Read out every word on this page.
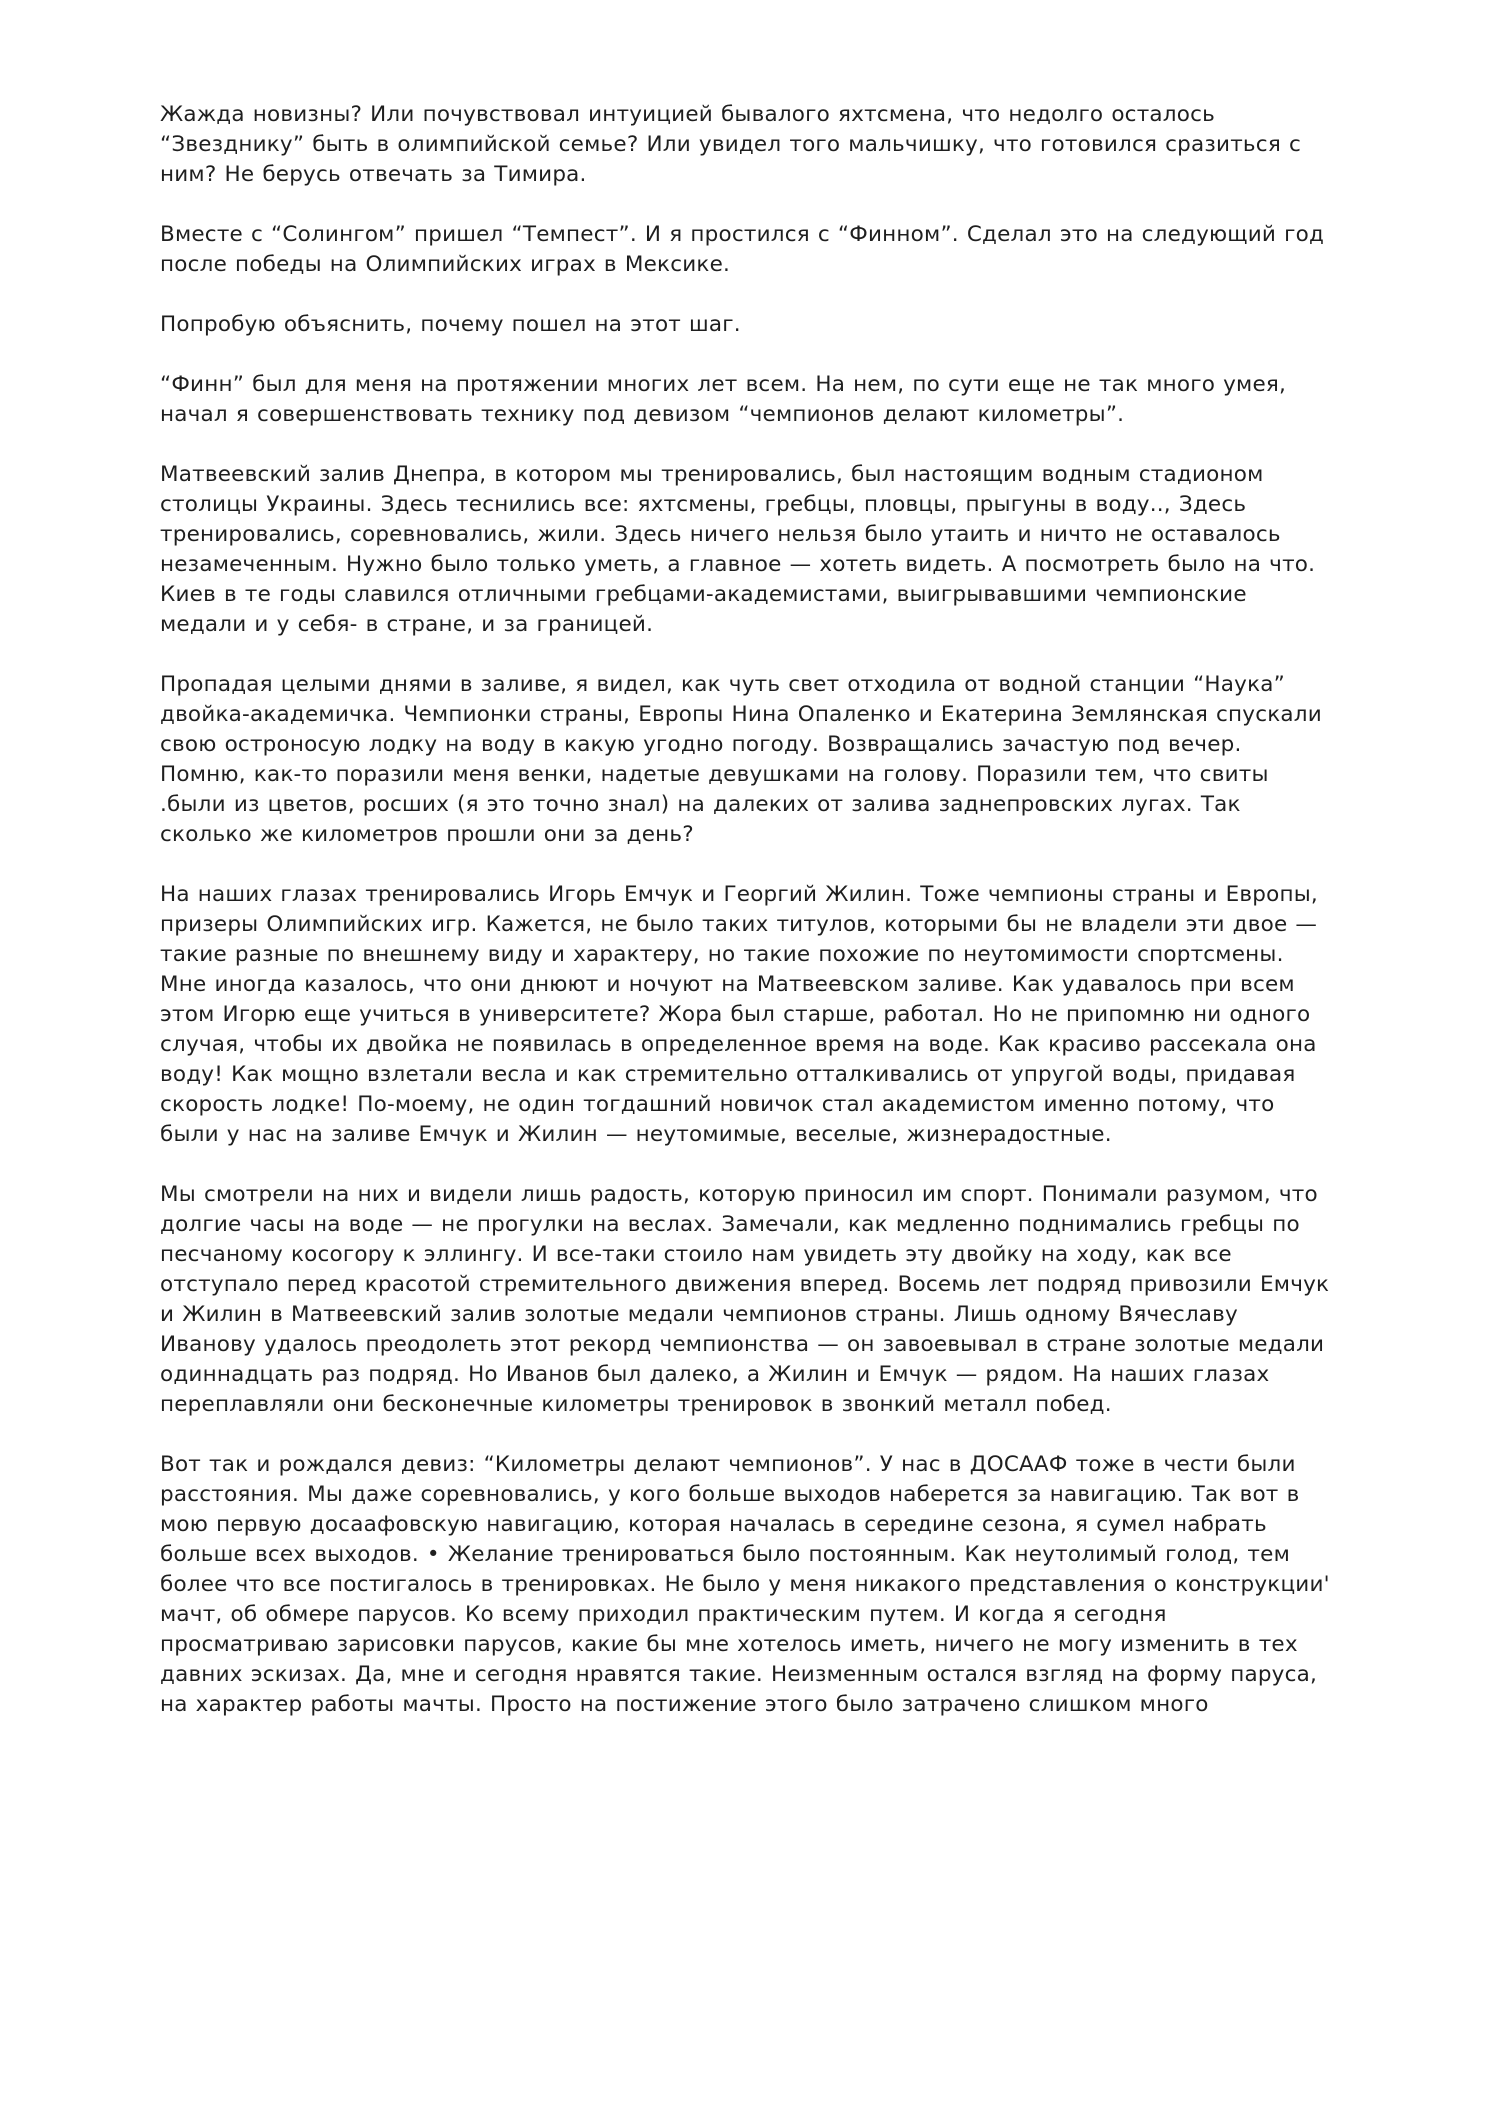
Жажда новизны? Или почувствовал интуицией бывалого яхтсмена, что недолго осталось “Звезднику” быть в олимпийской семье? Или увидел того мальчишку, что готовился сразиться с ним? Не берусь отвечать за Тимира.

Вместе с “Солингом” пришел “Темпест”. И я простился с “Финном”. Сделал это на следующий год после победы на Олимпийских играх в Мексике.

Попробую объяснить, почему пошел на этот шаг.

“Финн” был для меня на протяжении многих лет всем. На нем, по сути еще не так много умея, начал я совершенствовать технику под девизом “чемпионов делают километры”.

Матвеевский залив Днепра, в котором мы тренировались, был настоящим водным стадионом столицы Украины. Здесь теснились все: яхтсмены, гребцы, пловцы, прыгуны в воду.., Здесь тренировались, соревновались, жили. Здесь ничего нельзя было утаить и ничто не оставалось незамеченным. Нужно было только уметь, а главное — хотеть видеть. А посмотреть было на что. Киев в те годы славился отличными гребцами-академистами, выигрывавшими чемпионские медали и у себя- в стране, и за границей.

Пропадая целыми днями в заливе, я видел, как чуть свет отходила от водной станции “Наука” двойка-академичка. Чемпионки страны, Европы Нина Опаленко и Екатерина Землянская спускали свою остроносую лодку на воду в какую угодно погоду. Возвращались зачастую под вечер. Помню, как-то поразили меня венки, надетые девушками на голову. Поразили тем, что свиты .были из цветов, росших (я это точно знал) на далеких от залива заднепровских лугах. Так сколько же километров прошли они за день?

На наших глазах тренировались Игорь Емчук и Георгий Жилин. Тоже чемпионы страны и Европы, призеры Олимпийских игр. Кажется, не было таких титулов, которыми бы не владели эти двое — такие разные по внешнему виду и характеру, но такие похожие по неутомимости спортсмены. Мне иногда казалось, что они днюют и ночуют на Матвеевском заливе. Как удавалось при всем этом Игорю еще учиться в университете? Жора был старше, работал. Но не припомню ни одного случая, чтобы их двойка не появилась в определенное время на воде. Как красиво рассекала она воду! Как мощно взлетали весла и как стремительно отталкивались от упругой воды, придавая скорость лодке! По-моему, не один тогдашний новичок стал академистом именно потому, что были у нас на заливе Емчук и Жилин — неутомимые, веселые, жизнерадостные.

Мы смотрели на них и видели лишь радость, которую приносил им спорт. Понимали разумом, что долгие часы на воде — не прогулки на веслах. Замечали, как медленно поднимались гребцы по песчаному косогору к эллингу. И все-таки стоило нам увидеть эту двойку на ходу, как все отступало перед красотой стремительного движения вперед. Восемь лет подряд привозили Емчук и Жилин в Матвеевский залив золотые медали чемпионов страны. Лишь одному Вячеславу Иванову удалось преодолеть этот рекорд чемпионства — он завоевывал в стране золотые медали одиннадцать раз подряд. Но Иванов был далеко, а Жилин и Емчук — рядом. На наших глазах переплавляли они бесконечные километры тренировок в звонкий металл побед.

Вот так и рождался девиз: “Километры делают чемпионов”. У нас в ДОСААФ тоже в чести были расстояния. Мы даже соревновались, у кого больше выходов наберется за навигацию. Так вот в мою первую досаафовскую навигацию, которая началась в середине сезона, я сумел набрать больше всех выходов. • Желание тренироваться было постоянным. Как неутолимый голод, тем более что все постигалось в тренировках. Не было у меня никакого представления о конструкции' мачт, об обмере парусов. Ко всему приходил практическим путем. И когда я сегодня просматриваю зарисовки парусов, какие бы мне хотелось иметь, ничего не могу изменить в тех давних эскизах. Да, мне и сегодня нравятся такие. Неизменным остался взгляд на форму паруса, на характер работы мачты. Просто на постижение этого было затрачено слишком много
